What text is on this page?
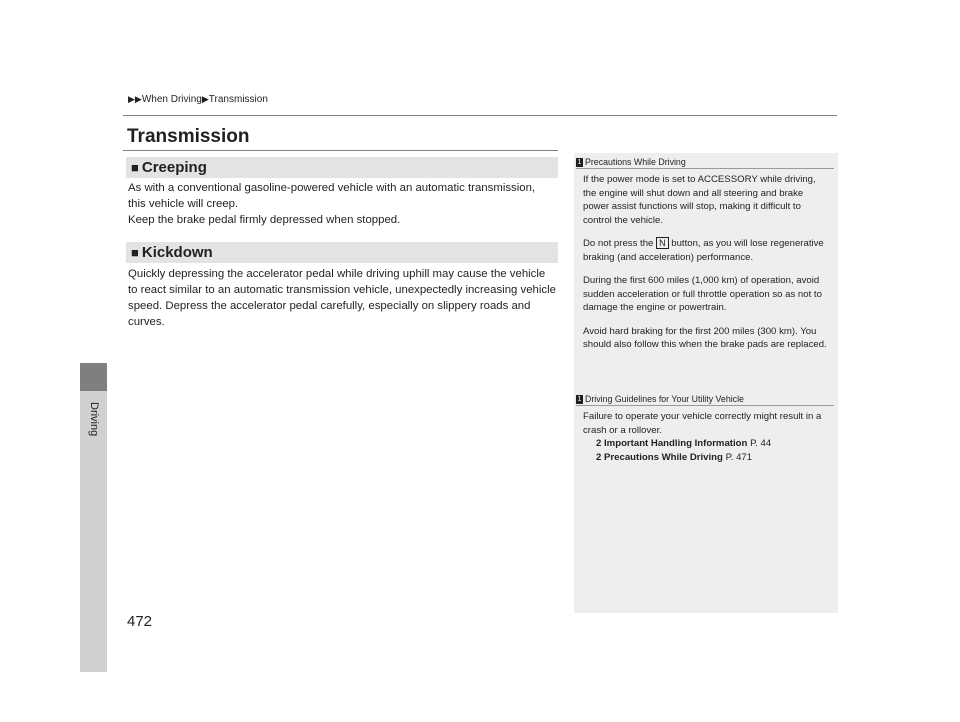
Driving
▶▶When Driving▶Transmission
Transmission
■ Creeping
As with a conventional gasoline-powered vehicle with an automatic transmission,
this vehicle will creep.
Keep the brake pedal firmly depressed when stopped.
■ Kickdown
Quickly depressing the accelerator pedal while driving uphill may cause the vehicle
to react similar to an automatic transmission vehicle, unexpectedly increasing vehicle
speed. Depress the accelerator pedal carefully, especially on slippery roads and
curves.
1 Precautions While Driving

If the power mode is set to ACCESSORY while driving, the engine will shut down and all steering and brake power assist functions will stop, making it difficult to control the vehicle.

Do not press the N button, as you will lose regenerative braking (and acceleration) performance.

During the first 600 miles (1,000 km) of operation, avoid sudden acceleration or full throttle operation so as not to damage the engine or powertrain.

Avoid hard braking for the first 200 miles (300 km). You should also follow this when the brake pads are replaced.

1 Driving Guidelines for Your Utility Vehicle
Failure to operate your vehicle correctly might result in a crash or a rollover.
2 Important Handling Information P. 44
2 Precautions While Driving P. 471
472
